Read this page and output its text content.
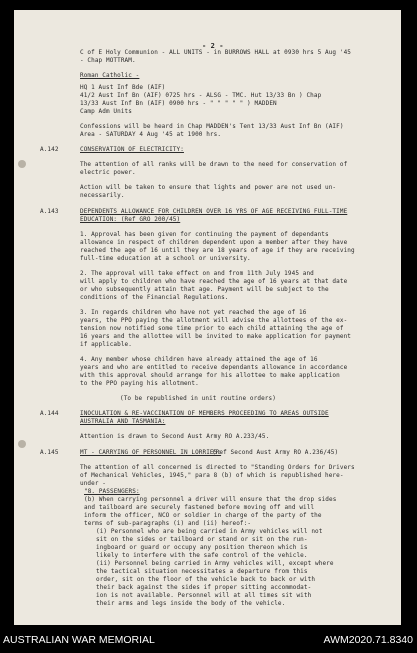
- 2 -
C of E Holy Communion - ALL UNITS - in BURROWS HALL at 0930 hrs 5 Aug '45
- Chap MOTTRAM.
Roman Catholic -
HQ 1 Aust Inf Bde (AIF)
41/2 Aust Inf Bn (AIF) 0725 hrs - ALSG - TMC. Hut 13/33 Bn ) Chap
13/33 Aust Inf Bn (AIF) 0900 hrs - " " " " " ) MADDEN
Camp Adm Units
Confessions will be heard in Chap MADDEN's Tent 13/33 Aust Inf Bn (AIF)
Area - SATURDAY 4 Aug '45 at 1900 hrs.
A.142	CONSERVATION OF ELECTRICITY:
The attention of all ranks will be drawn to the need for conservation of
electric power.
Action will be taken to ensure that lights and power are not used un-
necessarily.
A.143	DEPENDENTS ALLOWANCE FOR CHILDREN OVER 16 YRS OF AGE RECEIVING FULL-TIME
EDUCATION: (Ref GRO 200/45)
1. Approval has been given for continuing the payment of dependants
allowance in respect of children dependent upon a member after they have
reached the age of 16 until they are 18 years of age if they are receiving
full-time education at a school or university.
2. The approval will take effect on and from 11th July 1945 and
will apply to children who have reached the age of 16 years at that date
or who subsequently attain that age. Payment will be subject to the
conditions of the Financial Regulations.
3. In regards children who have not yet reached the age of 16
years, the PPO paying the allotment will advise the allottees of the ex-
tension now notified some time prior to each child attaining the age of
16 years and the allottee will be invited to make application for payment
if applicable.
4. Any member whose children have already attained the age of 16
years and who are entitled to receive dependants allowance in accordance
with this approval should arrange for his allottee to make application
to the PPO paying his allotment.
(To be republished in unit routine orders)
A.144	INOCULATION & RE-VACCINATION OF MEMBERS PROCEEDING TO AREAS OUTSIDE
AUSTRALIA AND TASMANIA:
Attention is drawn to Second Aust Army RO A.233/45.
A.145	MT - CARRYING OF PERSONNEL IN LORRIES:
(Ref Second Aust Army RO A.236/45)
The attention of all concerned is directed to "Standing Orders for Drivers
of Mechanical Vehicles, 1945," para 8 (b) of which is republished here-
under -
"8. PASSENGERS:
(b) When carrying personnel a driver will ensure that the drop sides
and tailboard are securely fastened before moving off and will
inform the officer, NCO or soldier in charge of the party of the
terms of sub-paragraphs (i) and (ii) hereof:-
(i) Personnel who are being carried in Army vehicles will not
sit on the sides or tailboard or stand or sit on the run-
ingboard or guard or occupy any position thereon which is
likely to interfere with the safe control of the vehicle.
(ii) Personnel being carried in Army vehicles will, except where
the tactical situation necessitates a departure from this
order, sit on the floor of the vehicle back to back or with
their back against the sides if proper sitting accommodat-
ion is not available. Personnel will at all times sit with
their arms and legs inside the body of the vehicle.
AUSTRALIAN WAR MEMORIAL	AWM2020.71.8340
